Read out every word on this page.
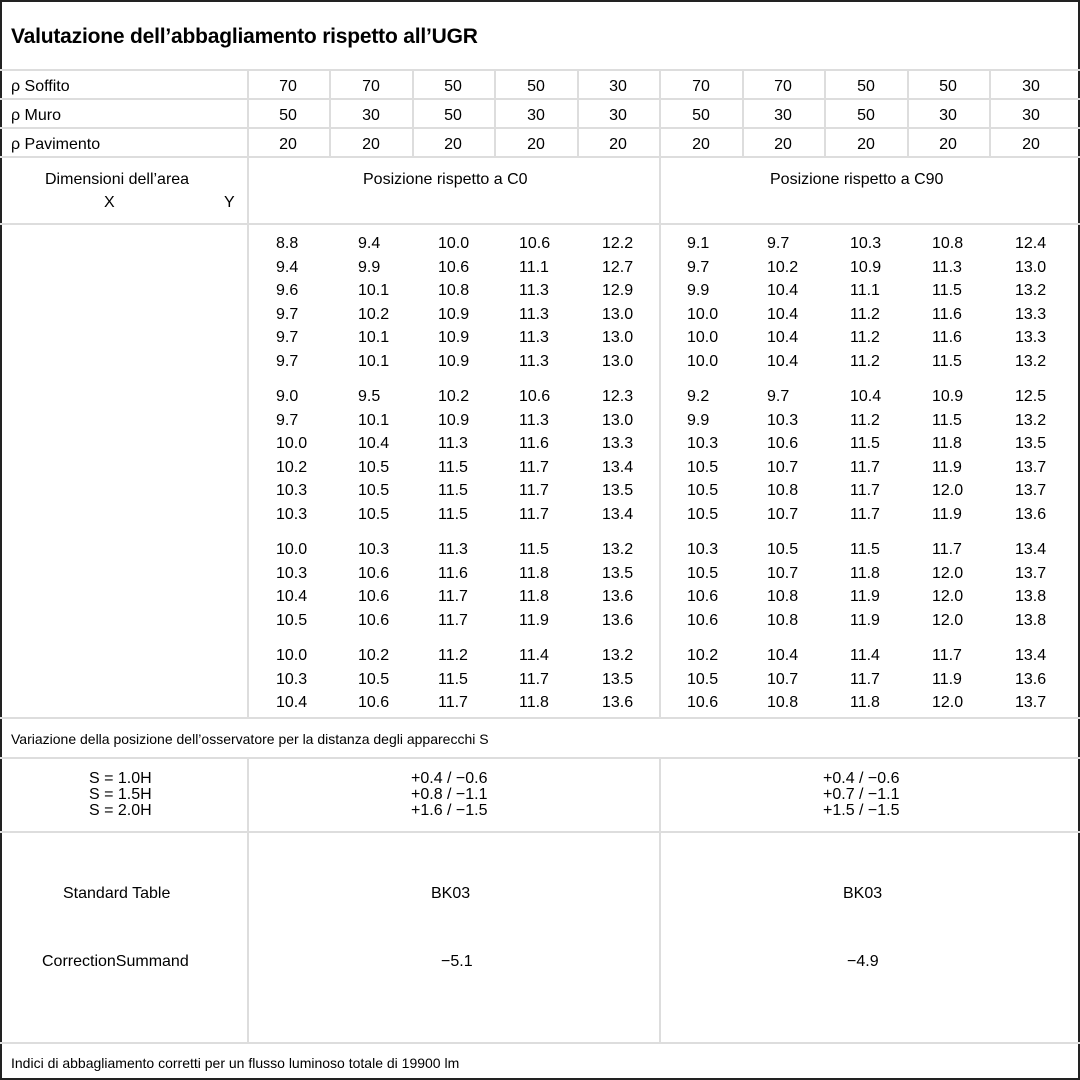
Valutazione dell’abbagliamento rispetto all’UGR
ρ Soffito	70	70	50	50	30	70	70	50	50	30
ρ Muro	50	30	50	30	30	50	30	50	30	30
ρ Pavimento	20	20	20	20	20	20	20	20	20	20
Dimensioni dell’area
X	Y
Posizione rispetto a C0	Posizione rispetto a C90
8.8	9.4	10.0	10.6	12.2	9.1	9.7	10.3	10.8	12.4
9.4	9.9	10.6	11.1	12.7	9.7	10.2	10.9	11.3	13.0
9.6	10.1	10.8	11.3	12.9	9.9	10.4	11.1	11.5	13.2
9.7	10.2	10.9	11.3	13.0	10.0	10.4	11.2	11.6	13.3
9.7	10.1	10.9	11.3	13.0	10.0	10.4	11.2	11.6	13.3
9.7	10.1	10.9	11.3	13.0	10.0	10.4	11.2	11.5	13.2
9.0	9.5	10.2	10.6	12.3	9.2	9.7	10.4	10.9	12.5
9.7	10.1	10.9	11.3	13.0	9.9	10.3	11.2	11.5	13.2
10.0	10.4	11.3	11.6	13.3	10.3	10.6	11.5	11.8	13.5
10.2	10.5	11.5	11.7	13.4	10.5	10.7	11.7	11.9	13.7
10.3	10.5	11.5	11.7	13.5	10.5	10.8	11.7	12.0	13.7
10.3	10.5	11.5	11.7	13.4	10.5	10.7	11.7	11.9	13.6
10.0	10.3	11.3	11.5	13.2	10.3	10.5	11.5	11.7	13.4
10.3	10.6	11.6	11.8	13.5	10.5	10.7	11.8	12.0	13.7
10.4	10.6	11.7	11.8	13.6	10.6	10.8	11.9	12.0	13.8
10.5	10.6	11.7	11.9	13.6	10.6	10.8	11.9	12.0	13.8
10.0	10.2	11.2	11.4	13.2	10.2	10.4	11.4	11.7	13.4
10.3	10.5	11.5	11.7	13.5	10.5	10.7	11.7	11.9	13.6
10.4	10.6	11.7	11.8	13.6	10.6	10.8	11.8	12.0	13.7
Variazione della posizione dell’osservatore per la distanza degli apparecchi S
S = 1.0H	+0.4 / −0.6	+0.4 / −0.6
S = 1.5H	+0.8 / −1.1	+0.7 / −1.1
S = 2.0H	+1.6 / −1.5	+1.5 / −1.5
Standard Table	BK03	BK03
CorrectionSummand	−5.1	−4.9
Indici di abbagliamento corretti per un flusso luminoso totale di 19900 lm
